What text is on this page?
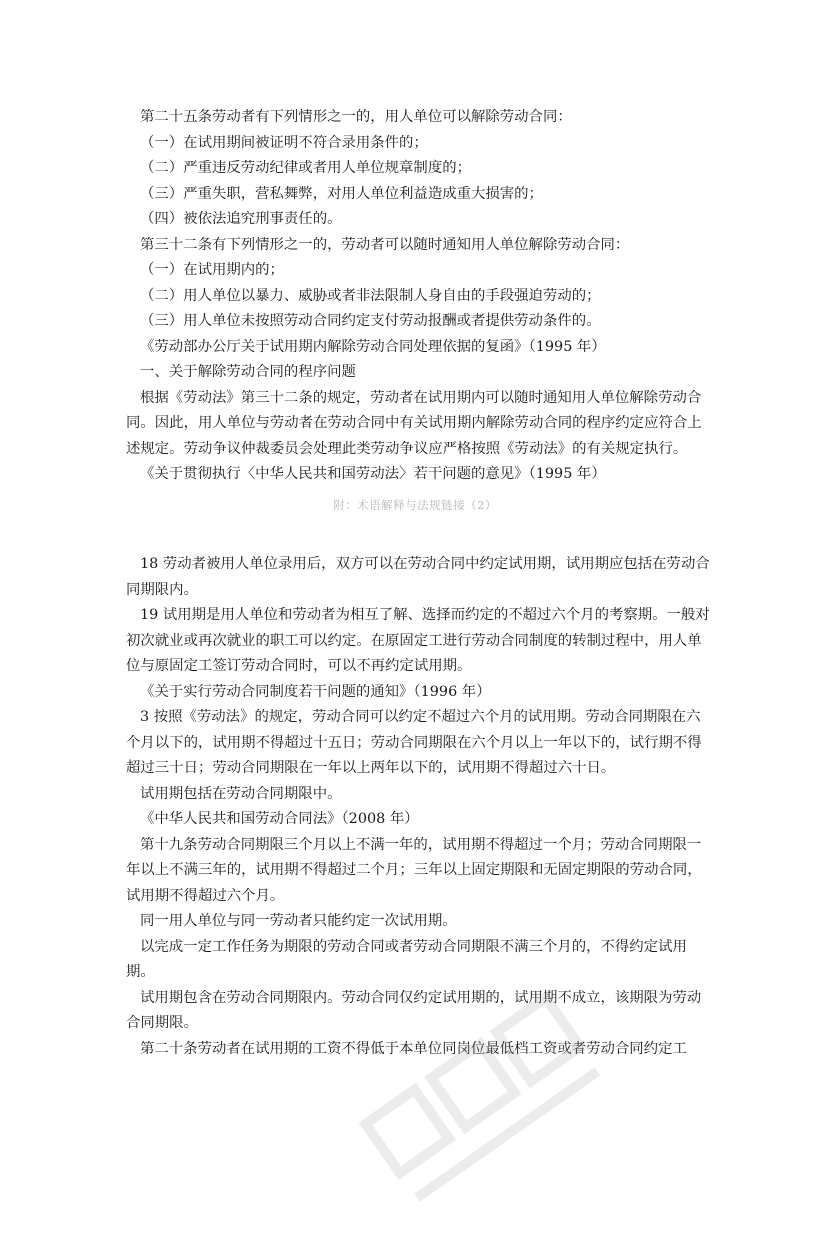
第二十五条劳动者有下列情形之一的，用人单位可以解除劳动合同：

（一）在试用期间被证明不符合录用条件的；

（二）严重违反劳动纪律或者用人单位规章制度的；

（三）严重失职，营私舞弊，对用人单位利益造成重大损害的；

（四）被依法追究刑事责任的。

第三十二条有下列情形之一的，劳动者可以随时通知用人单位解除劳动合同：

（一）在试用期内的；

（二）用人单位以暴力、威胁或者非法限制人身自由的手段强迫劳动的；

（三）用人单位未按照劳动合同约定支付劳动报酬或者提供劳动条件的。

《劳动部办公厅关于试用期内解除劳动合同处理依据的复函》（1995 年）

一、关于解除劳动合同的程序问题

根据《劳动法》第三十二条的规定，劳动者在试用期内可以随时通知用人单位解除劳动合同。因此，用人单位与劳动者在劳动合同中有关试用期内解除劳动合同的程序约定应符合上述规定。劳动争议仲裁委员会处理此类劳动争议应严格按照《劳动法》的有关规定执行。

《关于贯彻执行〈中华人民共和国劳动法〉若干问题的意见》（1995 年）

附：术语解释与法规链接（2）

18 劳动者被用人单位录用后，双方可以在劳动合同中约定试用期，试用期应包括在劳动合同期限内。

19 试用期是用人单位和劳动者为相互了解、选择而约定的不超过六个月的考察期。一般对初次就业或再次就业的职工可以约定。在原固定工进行劳动合同制度的转制过程中，用人单位与原固定工签订劳动合同时，可以不再约定试用期。

《关于实行劳动合同制度若干问题的通知》（1996 年）

3 按照《劳动法》的规定，劳动合同可以约定不超过六个月的试用期。劳动合同期限在六个月以下的，试用期不得超过十五日；劳动合同期限在六个月以上一年以下的，试行期不得超过三十日；劳动合同期限在一年以上两年以下的，试用期不得超过六十日。

试用期包括在劳动合同期限中。

《中华人民共和国劳动合同法》（2008 年）

第十九条劳动合同期限三个月以上不满一年的，试用期不得超过一个月；劳动合同期限一年以上不满三年的，试用期不得超过二个月；三年以上固定期限和无固定期限的劳动合同，试用期不得超过六个月。

同一用人单位与同一劳动者只能约定一次试用期。

以完成一定工作任务为期限的劳动合同或者劳动合同期限不满三个月的，不得约定试用期。

试用期包含在劳动合同期限内。劳动合同仅约定试用期的，试用期不成立，该期限为劳动合同期限。

第二十条劳动者在试用期的工资不得低于本单位同岗位最低档工资或者劳动合同约定工
